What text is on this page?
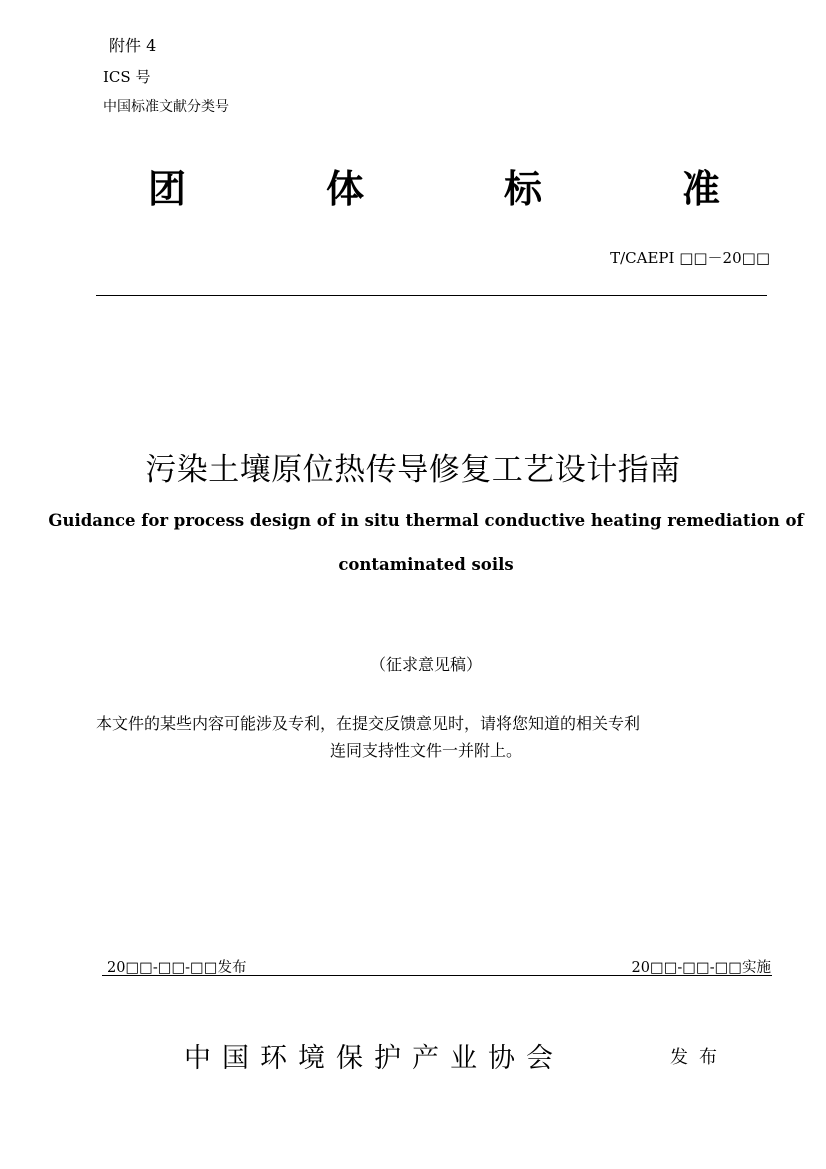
附件 4
ICS 号
中国标准文献分类号
团	体	标	准
T/CAEPI □□－20□□
污染土壤原位热传导修复工艺设计指南
Guidance for process design of in situ thermal conductive heating remediation of
contaminated soils
（征求意见稿）
本文件的某些内容可能涉及专利，在提交反馈意见时，请将您知道的相关专利
连同支持性文件一并附上。
20□□-□□-□□发布	20□□-□□-□□实施
中国环境保护产业协会	发布
